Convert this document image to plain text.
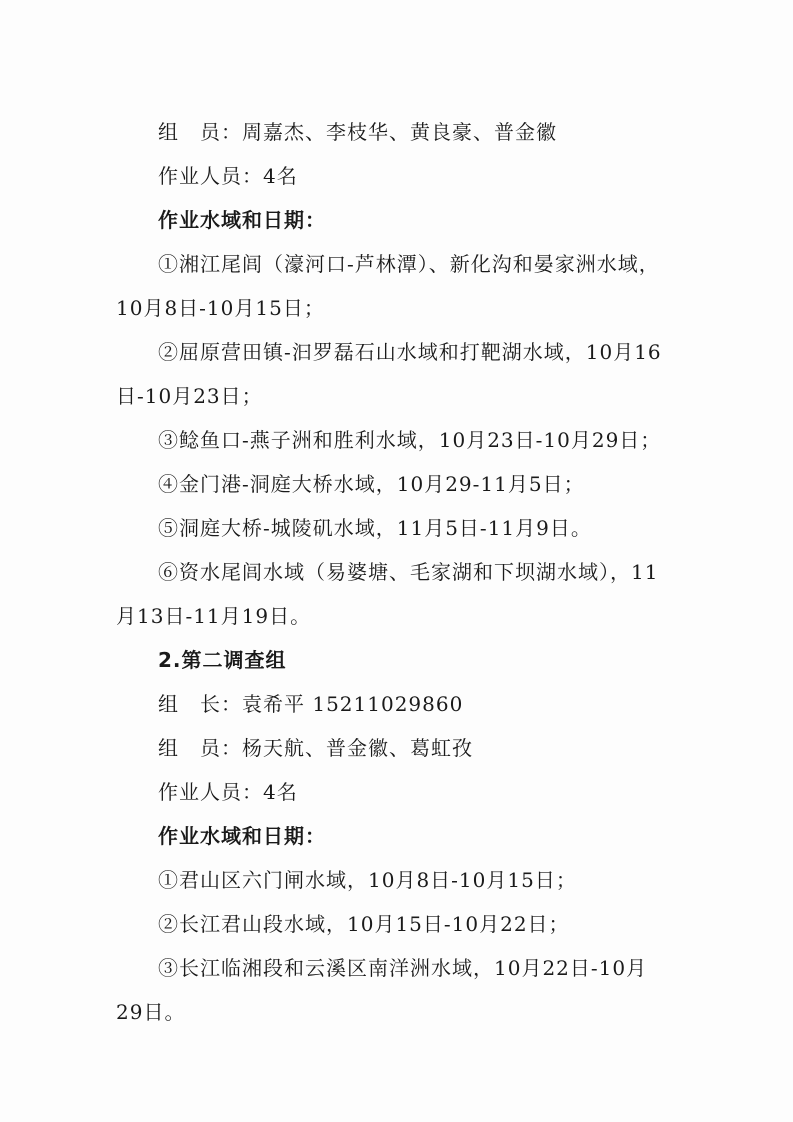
组　员：周嘉杰、李枝华、黄良豪、普金徽
作业人员：4名
作业水域和日期：
①湘江尾闾（濠河口-芦林潭）、新化沟和晏家洲水域，
10月8日-10月15日；
②屈原营田镇-汩罗磊石山水域和打靶湖水域，10月16
日-10月23日；
③鲶鱼口-燕子洲和胜利水域，10月23日-10月29日；
④金门港-洞庭大桥水域，10月29-11月5日；
⑤洞庭大桥-城陵矶水域，11月5日-11月9日。
⑥资水尾闾水域（易婆塘、毛家湖和下坝湖水域），11
月13日-11月19日。
2.第二调查组
组　长：袁希平 15211029860
组　员：杨天航、普金徽、葛虹孜
作业人员：4名
作业水域和日期：
①君山区六门闸水域，10月8日-10月15日；
②长江君山段水域，10月15日-10月22日；
③长江临湘段和云溪区南洋洲水域，10月22日-10月
29日。
